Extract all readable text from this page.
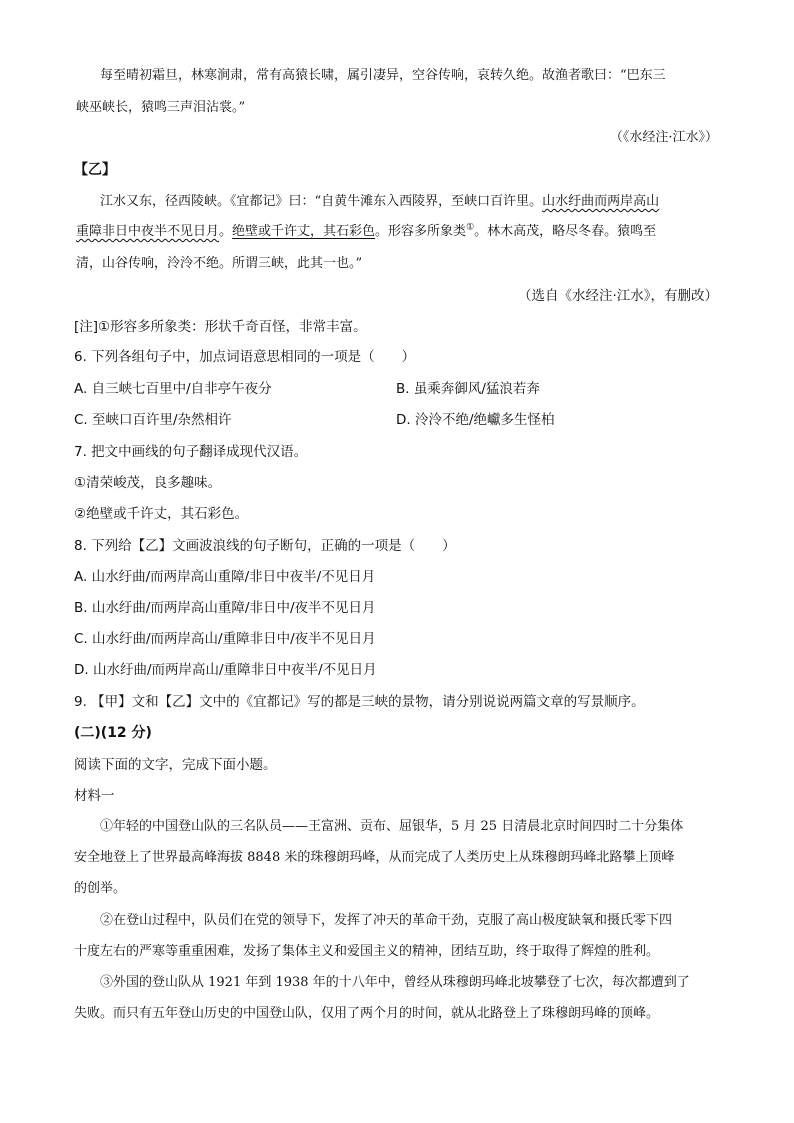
每至晴初霜旦，林寒涧肃，常有高猿长啸，属引凄异，空谷传响，哀转久绝。故渔者歌曰：“巴东三
峡巫峡长，猿鸣三声泪沾裳。”
（《水经注·江水》）
【乙】
江水又东，径西陵峡。《宜都记》曰：“自黄牛滩东入西陵界，至峡口百许里。山水纡曲而两岸高山
重障非日中夜半不见日月。绝壁或千许丈，其石彩色。形容多所象类①。林木高茂，略尽冬春。猿鸣至
清，山谷传响，泠泠不绝。所谓三峡，此其一也。”
（选自《水经注·江水》，有删改）
[注]①形容多所象类：形状千奇百怪，非常丰富。
6. 下列各组句子中，加点词语意思相同的一项是（　　）
A. 自三峡七百里中/自非亭午夜分	B. 虽乘奔御风/猛浪若奔
C. 至峡口百许里/杂然相许	D. 泠泠不绝/绝巘多生怪柏
7. 把文中画线的句子翻译成现代汉语。
①清荣峻茂，良多趣味。
②绝壁或千许丈，其石彩色。
8. 下列给【乙】文画波浪线的句子断句，正确的一项是（　　）
A. 山水纡曲/而两岸高山重障/非日中夜半/不见日月
B. 山水纡曲/而两岸高山重障/非日中/夜半不见日月
C. 山水纡曲/而两岸高山/重障非日中/夜半不见日月
D. 山水纡曲/而两岸高山/重障非日中夜半/不见日月
9. 【甲】文和【乙】文中的《宜都记》写的都是三峡的景物，请分别说说两篇文章的写景顺序。
(二)(12 分)
阅读下面的文字，完成下面小题。
材料一
①年轻的中国登山队的三名队员——王富洲、贡布、屈银华，5 月 25 日清晨北京时间四时二十分集体
安全地登上了世界最高峰海拔 8848 米的珠穆朗玛峰，从而完成了人类历史上从珠穆朗玛峰北路攀上顶峰
的创举。
②在登山过程中，队员们在党的领导下，发挥了冲天的革命干劲，克服了高山极度缺氧和摄氏零下四
十度左右的严寒等重重困难，发扬了集体主义和爱国主义的精神，团结互助，终于取得了辉煌的胜利。
③外国的登山队从 1921 年到 1938 年的十八年中，曾经从珠穆朗玛峰北坡攀登了七次，每次都遭到了
失败。而只有五年登山历史的中国登山队，仅用了两个月的时间，就从北路登上了珠穆朗玛峰的顶峰。
